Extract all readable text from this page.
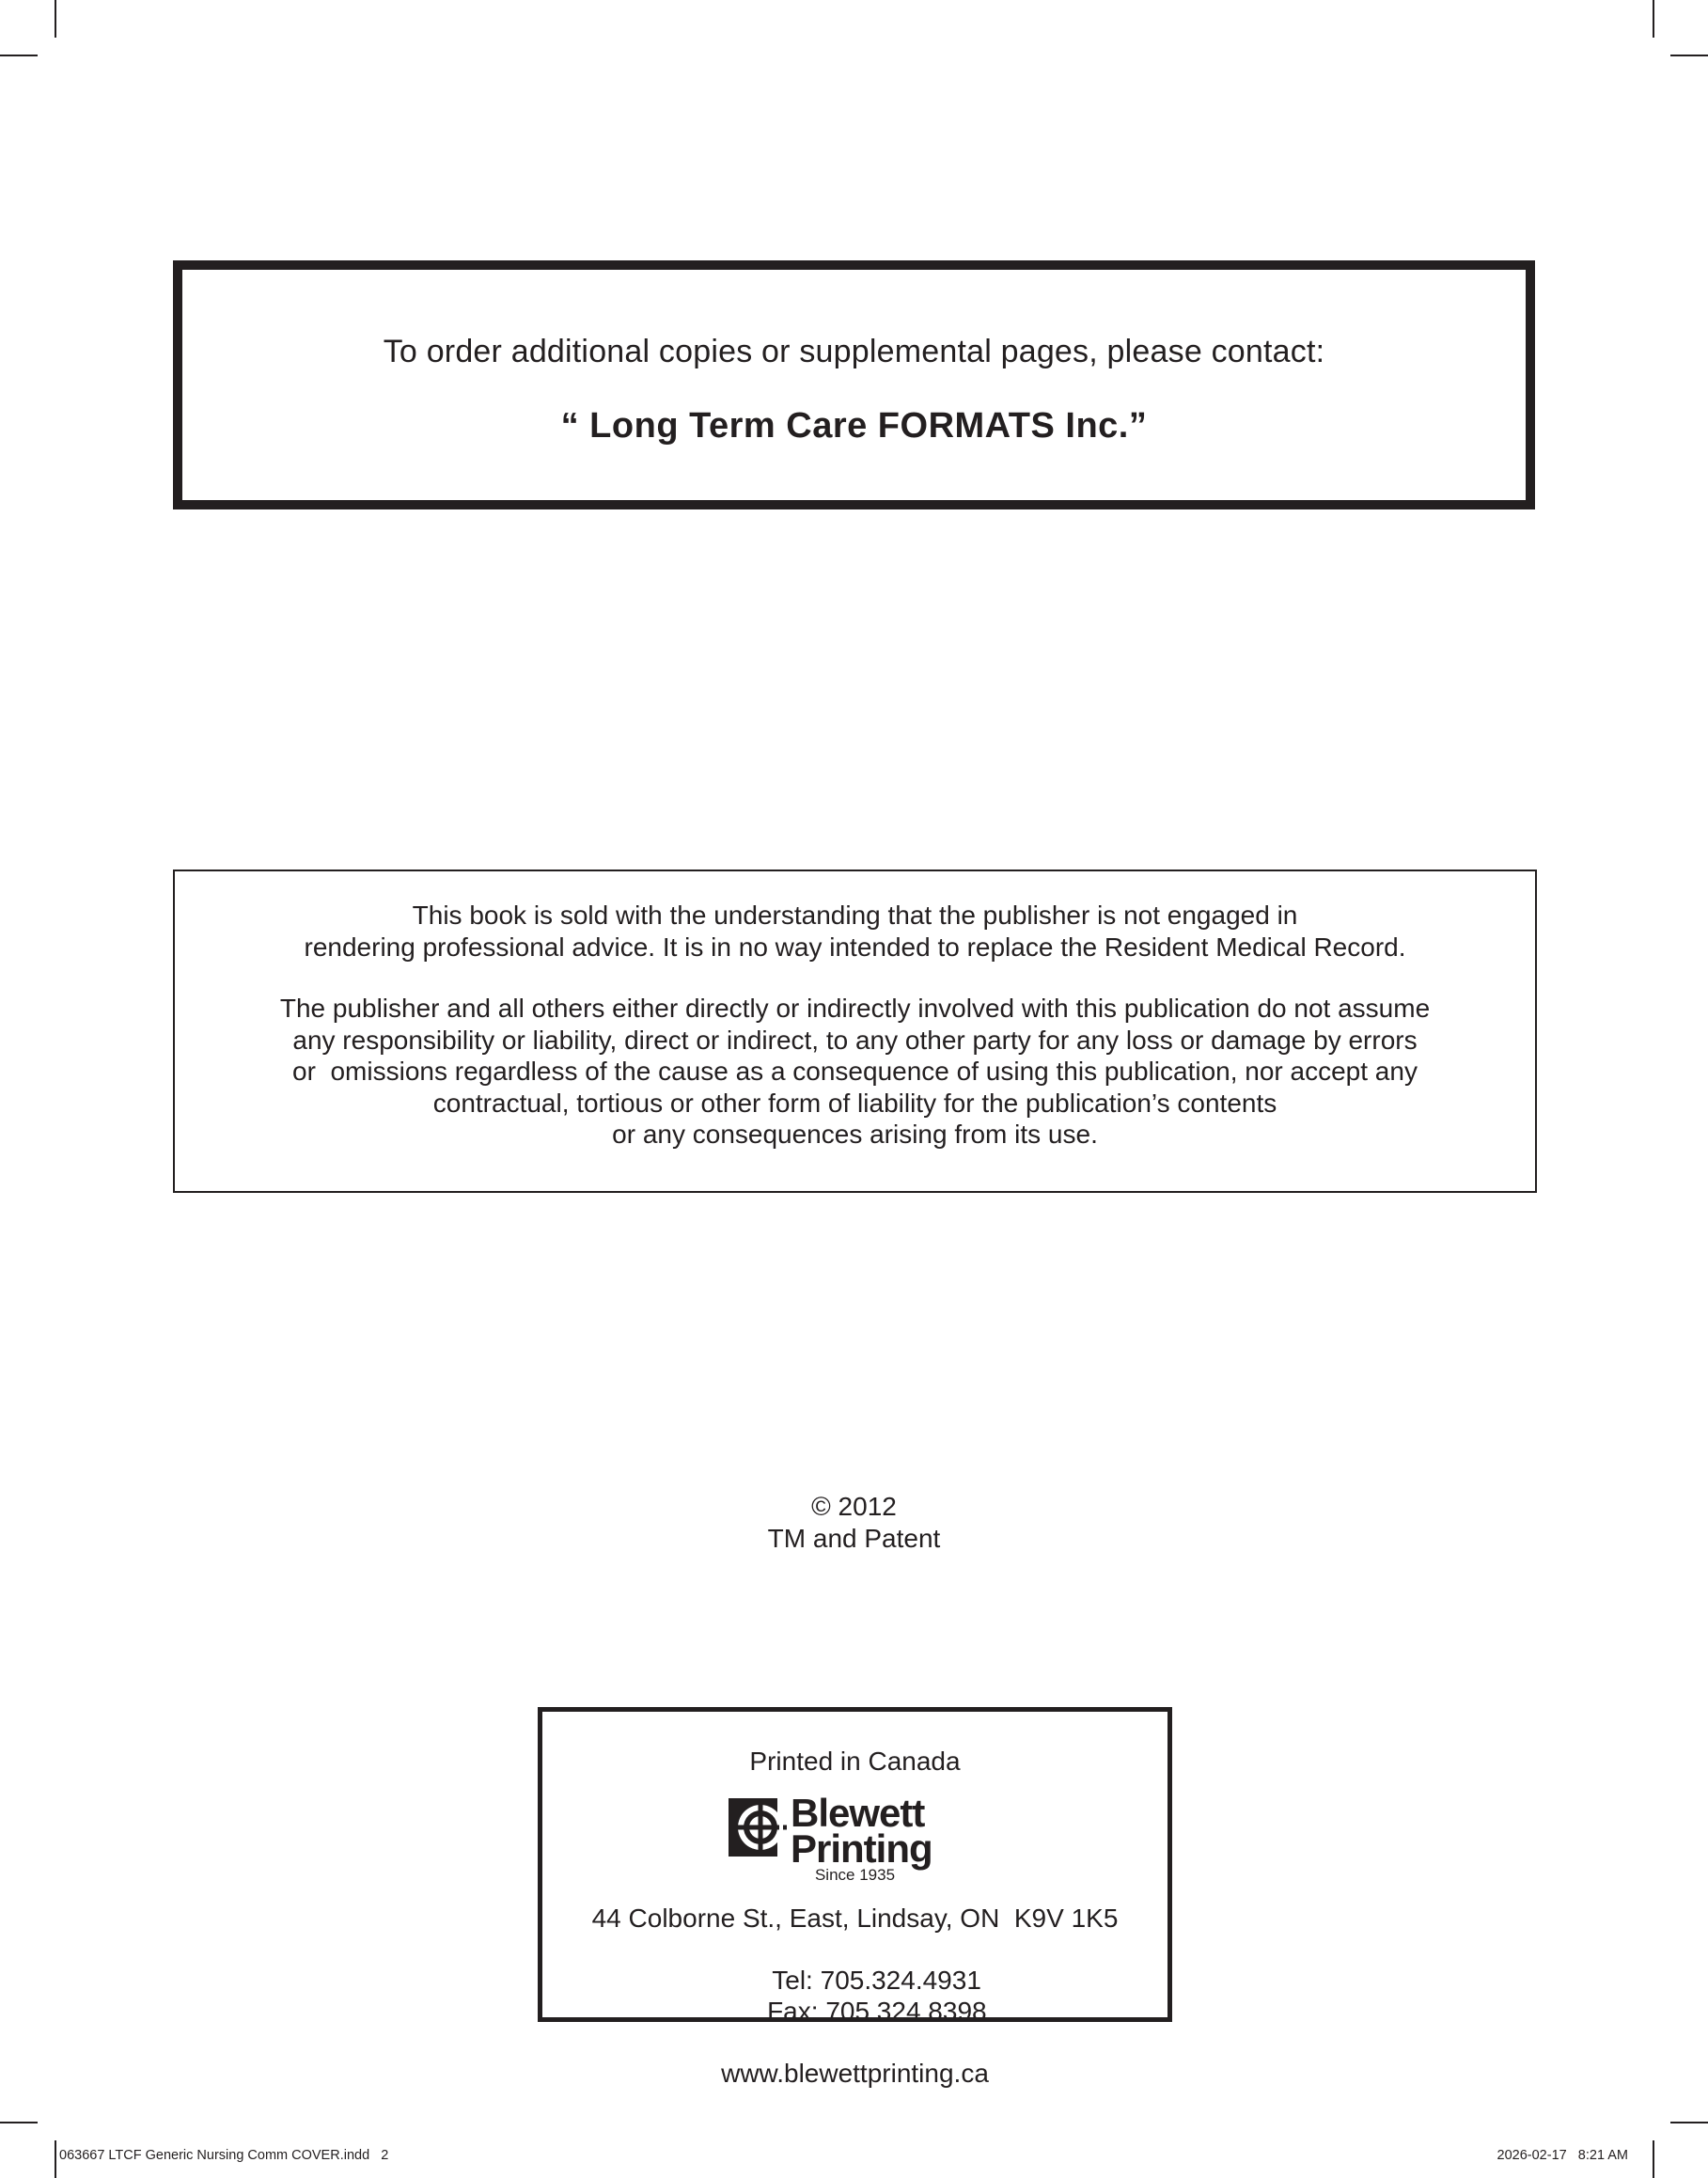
To order additional copies or supplemental pages, please contact:
“ Long Term Care FORMATS Inc.”
This book is sold with the understanding that the publisher is not engaged in
rendering professional advice. It is in no way intended to replace the Resident Medical Record.
The publisher and all others either directly or indirectly involved with this publication do not assume
any responsibility or liability, direct or indirect, to any other party for any loss or damage by errors
or  omissions regardless of the cause as a consequence of using this publication, nor accept any
contractual, tortious or other form of liability for the publication’s contents
or any consequences arising from its use.
© 2012
TM and Patent
Printed in Canada
Blewett
Printing
Since 1935
44 Colborne St., East, Lindsay, ON  K9V 1K5

Tel: 705.324.4931
Fax: 705.324.8398

www.blewettprinting.ca
063667 LTCF Generic Nursing Comm COVER.indd   2	2026-02-17   8:21 AM
